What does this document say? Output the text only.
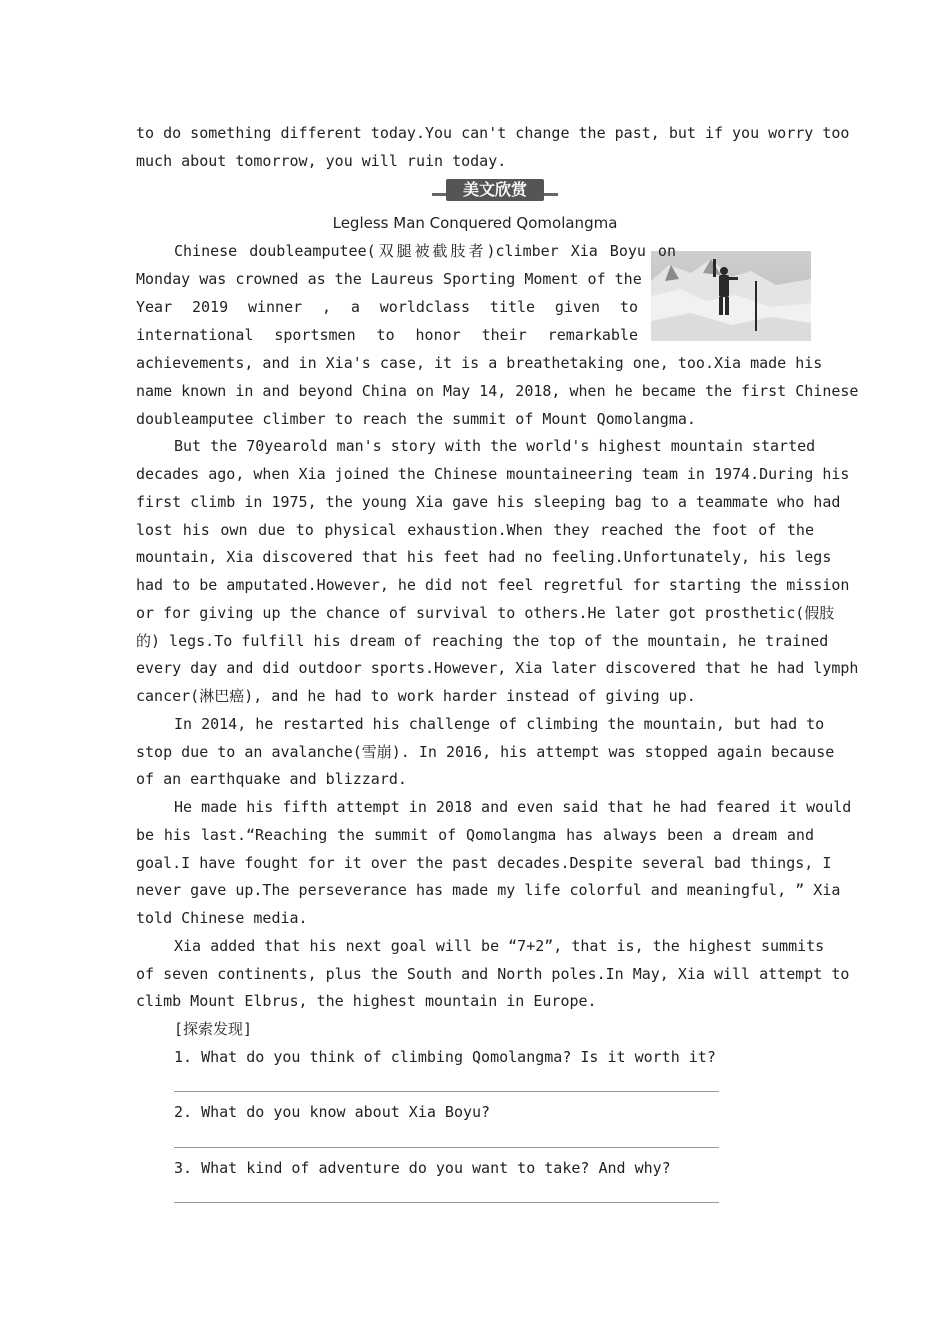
to do something different today.You can't change the past, but if you worry too
much about tomorrow, you will ruin today.
美文欣赏
Legless Man Conquered Qomolangma
Chinese doubleamputee(双腿被截肢者)climber Xia Boyu on
Monday was crowned as the Laureus Sporting Moment of the
Year 2019 winner , a worldclass title given to
international sportsmen to honor their remarkable
achievements, and in Xia's case, it is a breathetaking one, too.Xia made his
name known in and beyond China on May 14, 2018, when he became the first Chinese
doubleamputee climber to reach the summit of Mount Qomolangma.
But the 70yearold man's story with the world's highest mountain started
decades ago, when Xia joined the Chinese mountaineering team in 1974.During his
first climb in 1975, the young Xia gave his sleeping bag to a teammate who had
lost his own due to physical exhaustion.When they reached the foot of the
mountain, Xia discovered that his feet had no feeling.Unfortunately, his legs
had to be amputated.However, he did not feel regretful for starting the mission
or for giving up the chance of survival to others.He later got prosthetic(假肢
的) legs.To fulfill his dream of reaching the top of the mountain, he trained
every day and did outdoor sports.However, Xia later discovered that he had lymph
cancer(淋巴癌), and he had to work harder instead of giving up.
In 2014, he restarted his challenge of climbing the mountain, but had to
stop due to an avalanche(雪崩). In 2016, his attempt was stopped again because
of an earthquake and blizzard.
He made his fifth attempt in 2018 and even said that he had feared it would
be his last.“Reaching the summit of Qomolangma has always been a dream and
goal.I have fought for it over the past decades.Despite several bad things, I
never gave up.The perseverance has made my life colorful and meaningful, ” Xia
told Chinese media.
Xia added that his next goal will be “7+2”, that is, the highest summits
of seven continents, plus the South and North poles.In May, Xia will attempt to
climb Mount Elbrus, the highest mountain in Europe.
[探索发现]
1. What do you think of climbing Qomolangma? Is it worth it?
2. What do you know about Xia Boyu?
3. What kind of adventure do you want to take? And why?
